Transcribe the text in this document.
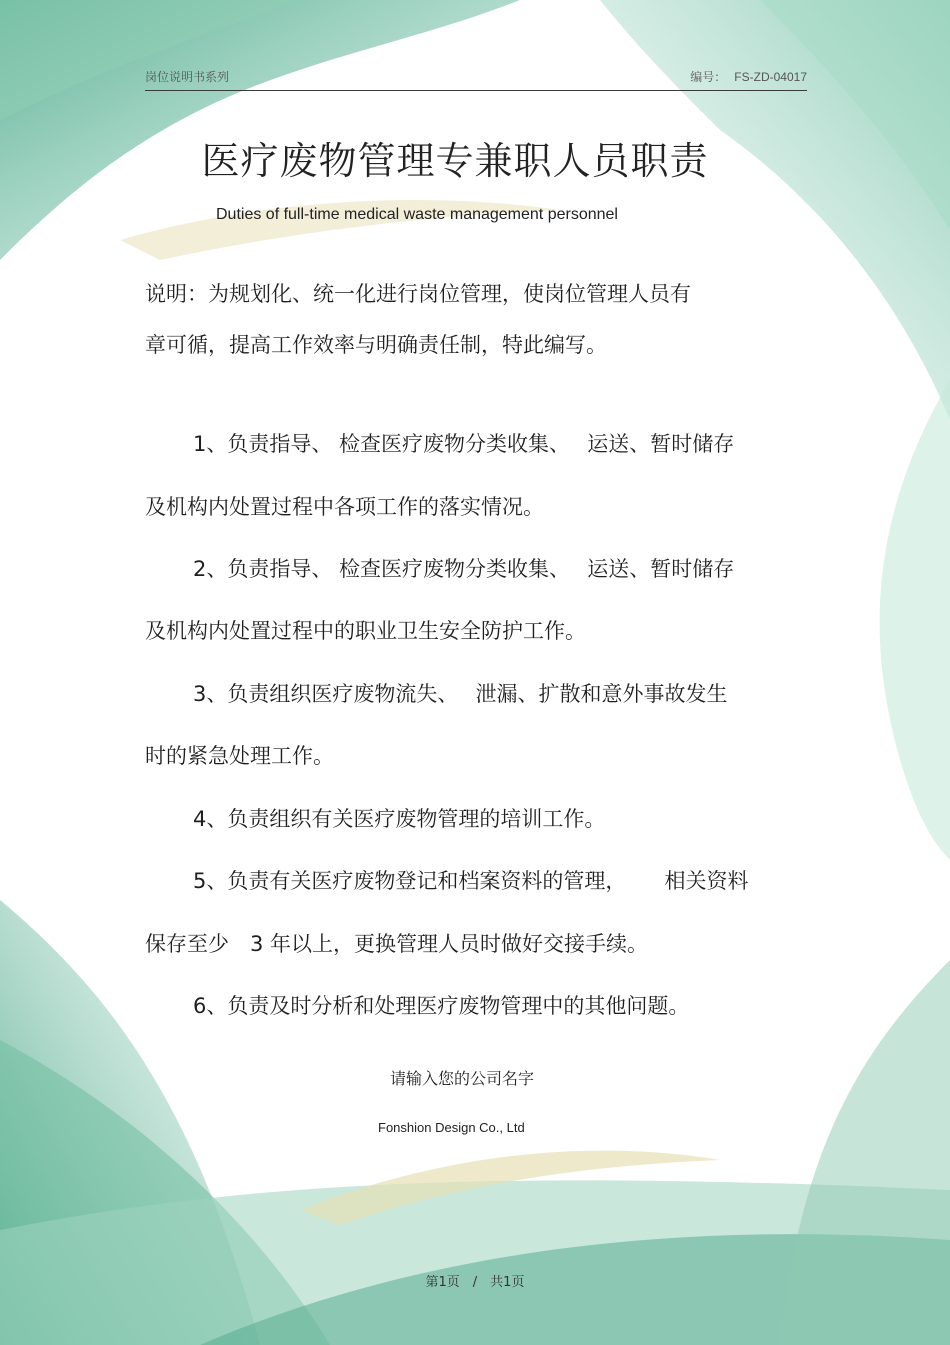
岗位说明书系列	编号： FS-ZD-04017
医疗废物管理专兼职人员职责
Duties of full-time medical waste management personnel
说明：为规划化、统一化进行岗位管理，使岗位管理人员有
章可循，提高工作效率与明确责任制，特此编写。
1、负责指导、 检查医疗废物分类收集、　 运送、暂时储存
及机构内处置过程中各项工作的落实情况。
2、负责指导、 检查医疗废物分类收集、　 运送、暂时储存
及机构内处置过程中的职业卫生安全防护工作。
3、负责组织医疗废物流失、　 泄漏、扩散和意外事故发生
时的紧急处理工作。
4、负责组织有关医疗废物管理的培训工作。
5、负责有关医疗废物登记和档案资料的管理，　　 相关资料
保存至少　3 年以上，更换管理人员时做好交接手续。
6、负责及时分析和处理医疗废物管理中的其他问题。
请输入您的公司名字
Fonshion Design Co., Ltd
第1页　/　共1页
